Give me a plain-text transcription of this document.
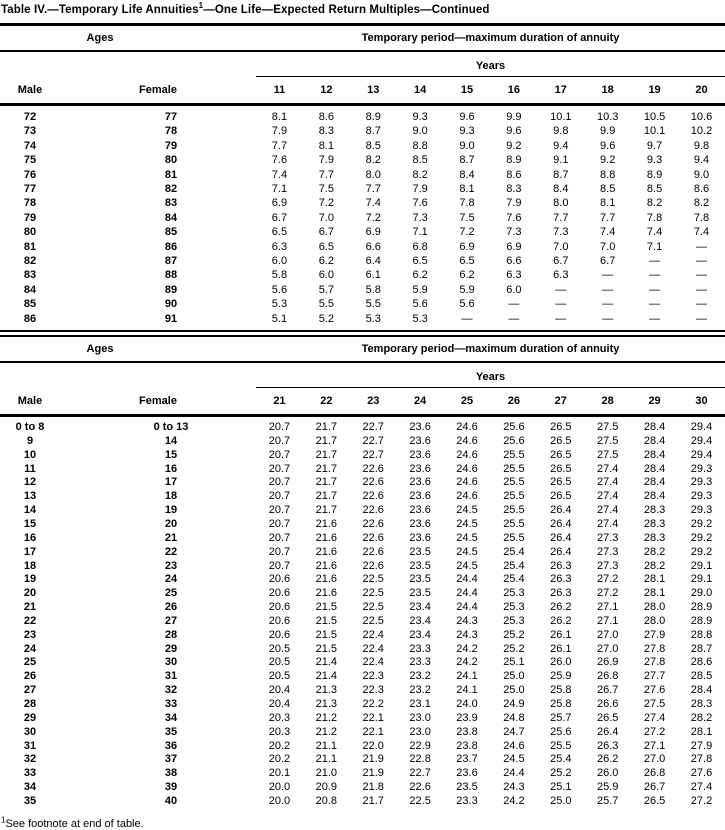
Table IV.—Temporary Life Annuities$^1$—One Life—Expected Return Multiples—Continued
Ages		Temporary period—maximum duration of annuity									
		Years									
Male	Female	11	12	13	14	15	16	17	18	19	20
72	77	8.1	8.6	8.9	9.3	9.6	9.9	10.1	10.3	10.5	10.6
73	78	7.9	8.3	8.7	9.0	9.3	9.6	9.8	9.9	10.1	10.2
74	79	7.7	8.1	8.5	8.8	9.0	9.2	9.4	9.6	9.7	9.8
75	80	7.6	7.9	8.2	8.5	8.7	8.9	9.1	9.2	9.3	9.4
76	81	7.4	7.7	8.0	8.2	8.4	8.6	8.7	8.8	8.9	9.0
77	82	7.1	7.5	7.7	7.9	8.1	8.3	8.4	8.5	8.5	8.6
78	83	6.9	7.2	7.4	7.6	7.8	7.9	8.0	8.1	8.2	8.2
79	84	6.7	7.0	7.2	7.3	7.5	7.6	7.7	7.7	7.8	7.8
80	85	6.5	6.7	6.9	7.1	7.2	7.3	7.3	7.4	7.4	7.4
81	86	6.3	6.5	6.6	6.8	6.9	6.9	7.0	7.0	7.1	—
82	87	6.0	6.2	6.4	6.5	6.5	6.6	6.7	6.7	—	—
83	88	5.8	6.0	6.1	6.2	6.2	6.3	6.3	—	—	—
84	89	5.6	5.7	5.8	5.9	5.9	6.0	—	—	—	—
85	90	5.3	5.5	5.5	5.6	5.6	—	—	—	—	—
86	91	5.1	5.2	5.3	5.3	—	—	—	—	—	—
Ages		Temporary period—maximum duration of annuity									
		Years									
Male	Female	21	22	23	24	25	26	27	28	29	30
0 to 8	0 to 13	20.7	21.7	22.7	23.6	24.6	25.6	26.5	27.5	28.4	29.4
9	14	20.7	21.7	22.7	23.6	24.6	25.6	26.5	27.5	28.4	29.4
10	15	20.7	21.7	22.7	23.6	24.6	25.5	26.5	27.5	28.4	29.4
11	16	20.7	21.7	22.6	23.6	24.6	25.5	26.5	27.4	28.4	29.3
12	17	20.7	21.7	22.6	23.6	24.6	25.5	26.5	27.4	28.4	29.3
13	18	20.7	21.7	22.6	23.6	24.6	25.5	26.5	27.4	28.4	29.3
14	19	20.7	21.7	22.6	23.6	24.5	25.5	26.4	27.4	28.3	29.3
15	20	20.7	21.6	22.6	23.6	24.5	25.5	26.4	27.4	28.3	29.2
16	21	20.7	21.6	22.6	23.6	24.5	25.5	26.4	27.3	28.3	29.2
17	22	20.7	21.6	22.6	23.5	24.5	25.4	26.4	27.3	28.2	29.2
18	23	20.7	21.6	22.6	23.5	24.5	25.4	26.3	27.3	28.2	29.1
19	24	20.6	21.6	22.5	23.5	24.4	25.4	26.3	27.2	28.1	29.1
20	25	20.6	21.6	22.5	23.5	24.4	25.3	26.3	27.2	28.1	29.0
21	26	20.6	21.5	22.5	23.4	24.4	25.3	26.2	27.1	28.0	28.9
22	27	20.6	21.5	22.5	23.4	24.3	25.3	26.2	27.1	28.0	28.9
23	28	20.6	21.5	22.4	23.4	24.3	25.2	26.1	27.0	27.9	28.8
24	29	20.5	21.5	22.4	23.3	24.2	25.2	26.1	27.0	27.8	28.7
25	30	20.5	21.4	22.4	23.3	24.2	25.1	26.0	26.9	27.8	28.6
26	31	20.5	21.4	22.3	23.2	24.1	25.0	25.9	26.8	27.7	28.5
27	32	20.4	21.3	22.3	23.2	24.1	25.0	25.8	26.7	27.6	28.4
28	33	20.4	21.3	22.2	23.1	24.0	24.9	25.8	26.6	27.5	28.3
29	34	20.3	21.2	22.1	23.0	23.9	24.8	25.7	26.5	27.4	28.2
30	35	20.3	21.2	22.1	23.0	23.8	24.7	25.6	26.4	27.2	28.1
31	36	20.2	21.1	22.0	22.9	23.8	24.6	25.5	26.3	27.1	27.9
32	37	20.2	21.1	21.9	22.8	23.7	24.5	25.4	26.2	27.0	27.8
33	38	20.1	21.0	21.9	22.7	23.6	24.4	25.2	26.0	26.8	27.6
34	39	20.0	20.9	21.8	22.6	23.5	24.3	25.1	25.9	26.7	27.4
35	40	20.0	20.8	21.7	22.5	23.3	24.2	25.0	25.7	26.5	27.2
$^1$See footnote at end of table.
